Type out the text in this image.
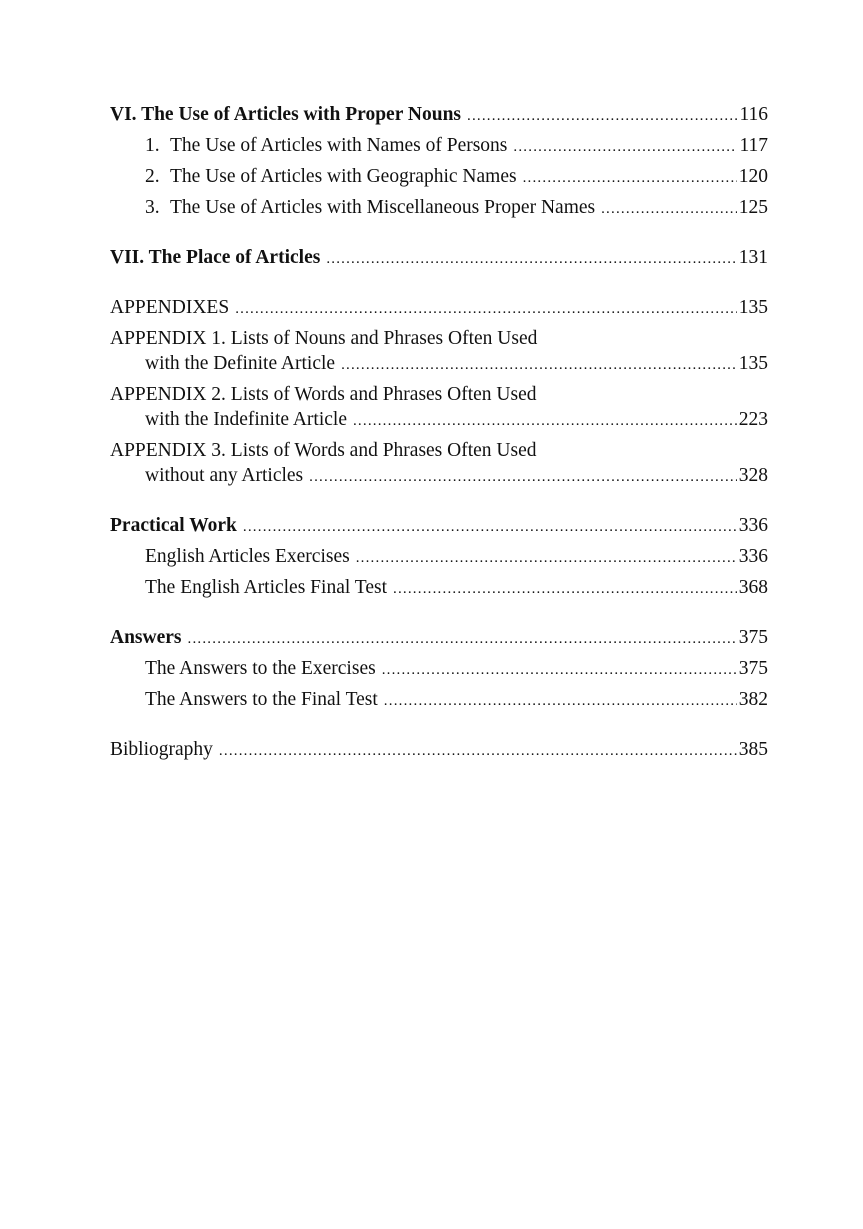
VI. The Use of Articles with Proper Nouns .....	116
1. The Use of Articles with Names of Persons .....	117
2. The Use of Articles with Geographic Names .....	120
3. The Use of Articles with Miscellaneous Proper Names .....	125
VII. The Place of Articles .....	131
APPENDIXES .....	135
APPENDIX 1. Lists of Nouns and Phrases Often Used
with the Definite Article .....	135
APPENDIX 2. Lists of Words and Phrases Often Used
with the Indefinite Article .....	223
APPENDIX 3. Lists of Words and Phrases Often Used
without any Articles .....	328
Practical Work .....	336
English Articles Exercises .....	336
The English Articles Final Test .....	368
Answers .....	375
The Answers to the Exercises .....	375
The Answers to the Final Test .....	382
Bibliography .....	385
